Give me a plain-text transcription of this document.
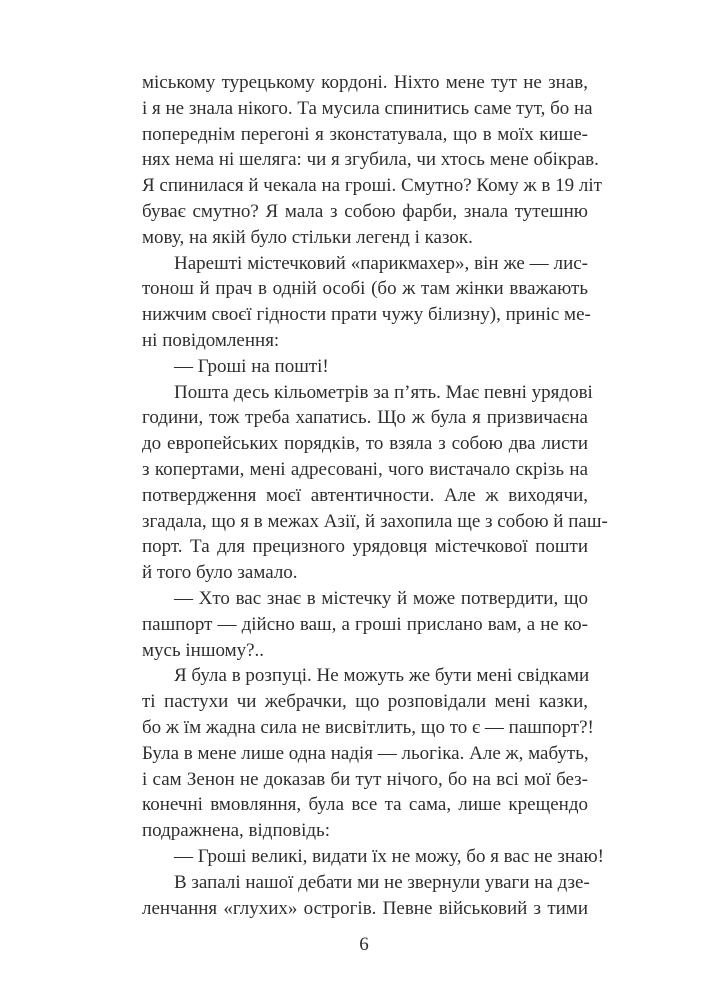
міському турецькому кордоні. Ніхто мене тут не знав,
і я не знала нікого. Та мусила спинитись саме тут, бо на
попереднім перегоні я зконстатувала, що в моїх кише-
нях нема ні шеляга: чи я згубила, чи хтось мене обікрав.
Я спинилася й чекала на гроші. Смутно? Кому ж в 19 літ
буває смутно? Я мала з собою фарби, знала тутешню
мову, на якій було стільки легенд і казок.
Нарешті містечковий «парикмахер», він же — лис-
тонош й прач в одній особі (бо ж там жінки вважають
нижчим своєї гідности прати чужу білизну), приніс ме-
ні повідомлення:
— Гроші на пошті!
Пошта десь кільометрів за п’ять. Має певні урядові
години, тож треба хапатись. Що ж була я призвичаєна
до европейських порядків, то взяла з собою два листи
з копертами, мені адресовані, чого вистачало скрізь на
потвердження моєї автентичности. Але ж виходячи,
згадала, що я в межах Азії, й захопила ще з собою й паш-
порт. Та для прецизного урядовця містечкової пошти
й того було замало.
— Хто вас знає в містечку й може потвердити, що
пашпорт — дійсно ваш, а гроші прислано вам, а не ко-
мусь іншому?..
Я була в розпуці. Не можуть же бути мені свідками
ті пастухи чи жебрачки, що розповідали мені казки,
бо ж їм жадна сила не висвітлить, що то є — пашпорт?!
Була в мене лише одна надія — льогіка. Але ж, мабуть,
і сам Зенон не доказав би тут нічого, бо на всі мої без-
конечні вмовляння, була все та сама, лише крещендо
подражнена, відповідь:
— Гроші великі, видати їх не можу, бо я вас не знаю!
В запалі нашої дебати ми не звернули уваги на дзе-
ленчання «глухих» острогів. Певне військовий з тими
6
